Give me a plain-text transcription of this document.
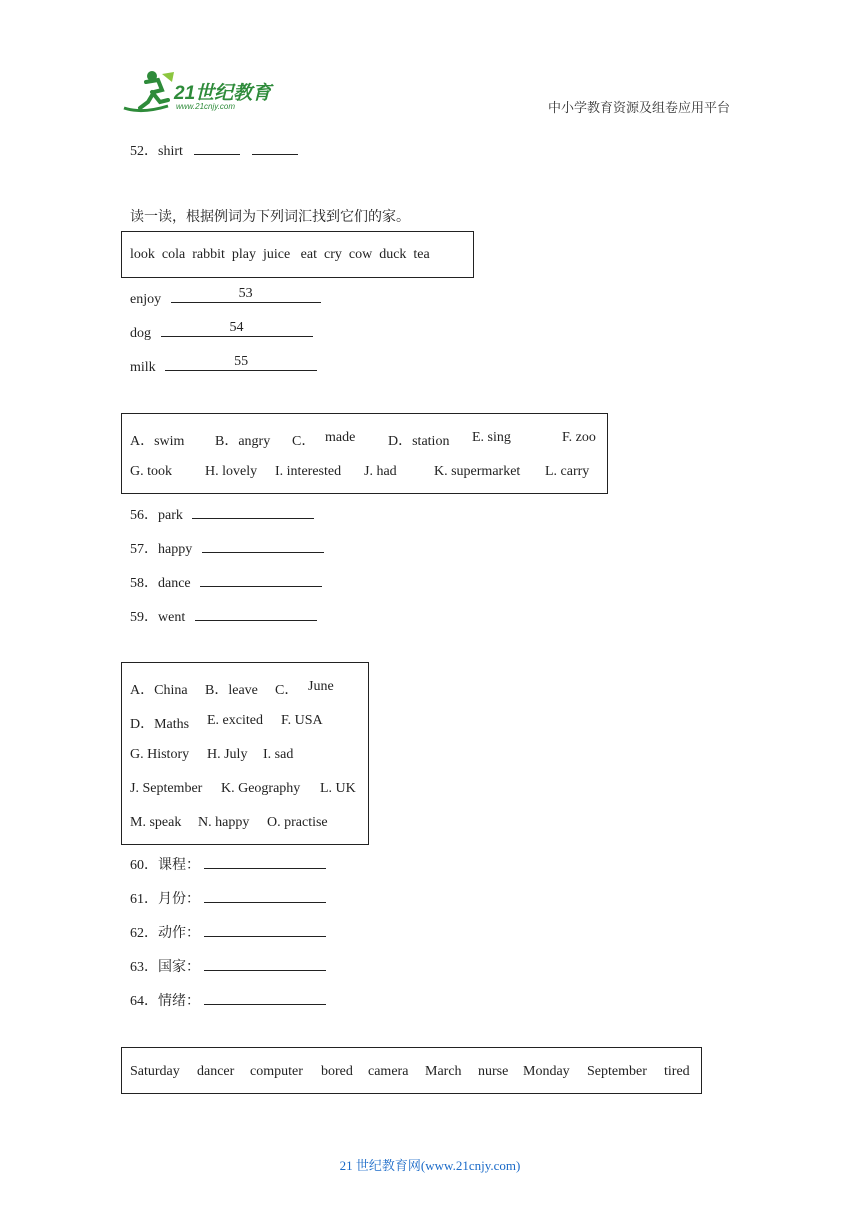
21世纪教育
www.21cnjy.com	中小学教育资源及组卷应用平台
52．shirt
读一读，根据例词为下列词汇找到它们的家。
look  cola  rabbit  play  juice   eat  cry  cow  duck  tea
enjoy	53
dog	54
milk	55
A．swim B．angry C． made D．station E. sing	F. zoo
G. took H. lovely I. interested J. had	K. supermarket L. carry
56．park
57．happy
58．dance
59．went
A．China B．leave C． June
D．Maths E. excited F. USA
G. History H. July I. sad
J. September K. Geography L. UK
M. speak N. happy O. practise
60．课程：
61．月份：
62．动作：
63．国家：
64．情绪：
Saturday dancer computer bored camera March nurse Monday September tired
21 世纪教育网(www.21cnjy.com)
